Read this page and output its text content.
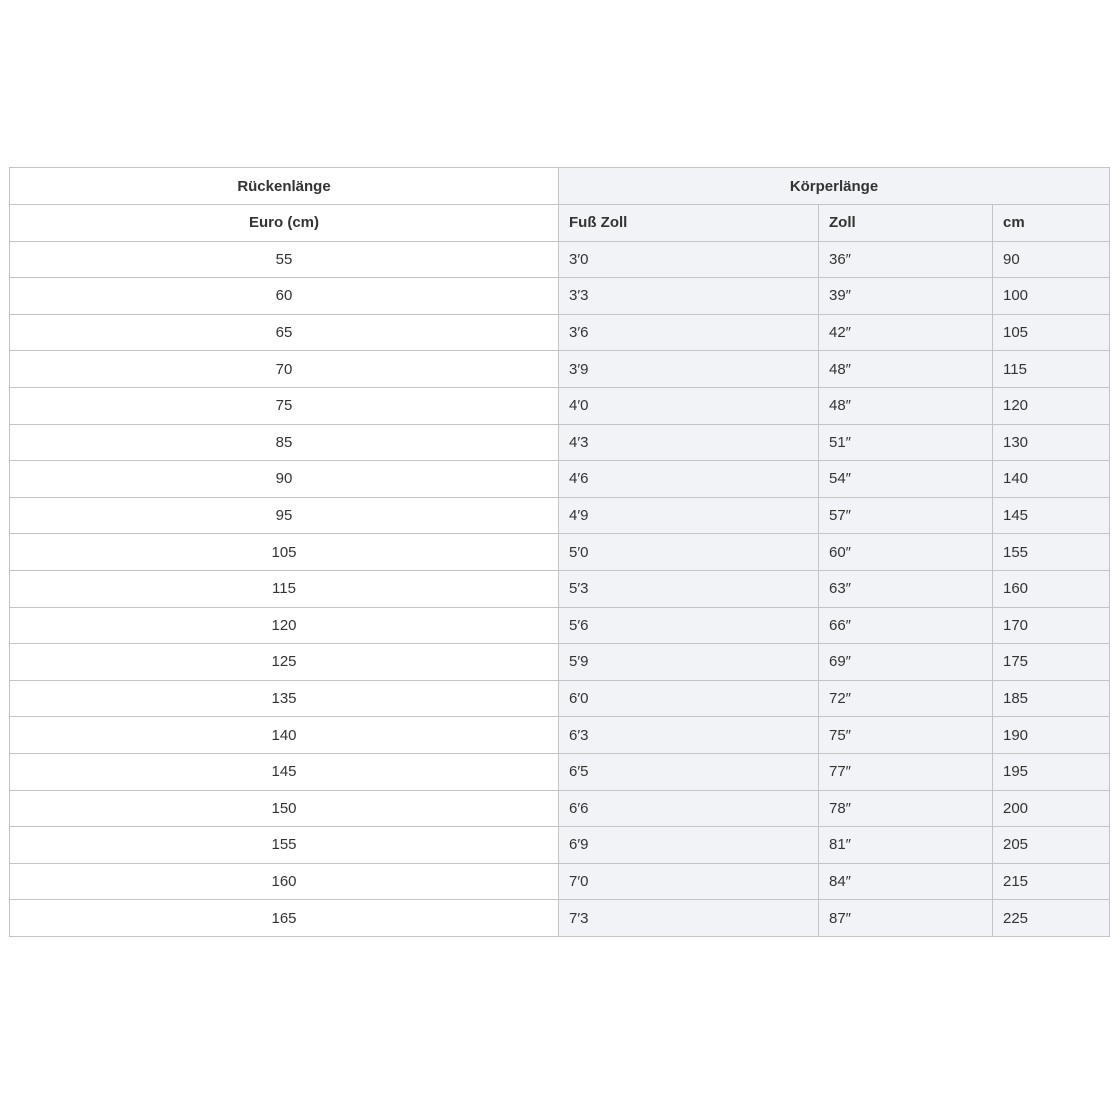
Rückenlänge	Körperlänge		
Euro (cm)	Fuß Zoll	Zoll	cm
55	3′0	36″	90
60	3′3	39″	100
65	3′6	42″	105
70	3′9	48″	115
75	4′0	48″	120
85	4′3	51″	130
90	4′6	54″	140
95	4′9	57″	145
105	5′0	60″	155
115	5′3	63″	160
120	5′6	66″	170
125	5′9	69″	175
135	6′0	72″	185
140	6′3	75″	190
145	6′5	77″	195
150	6′6	78″	200
155	6′9	81″	205
160	7′0	84″	215
165	7′3	87″	225
